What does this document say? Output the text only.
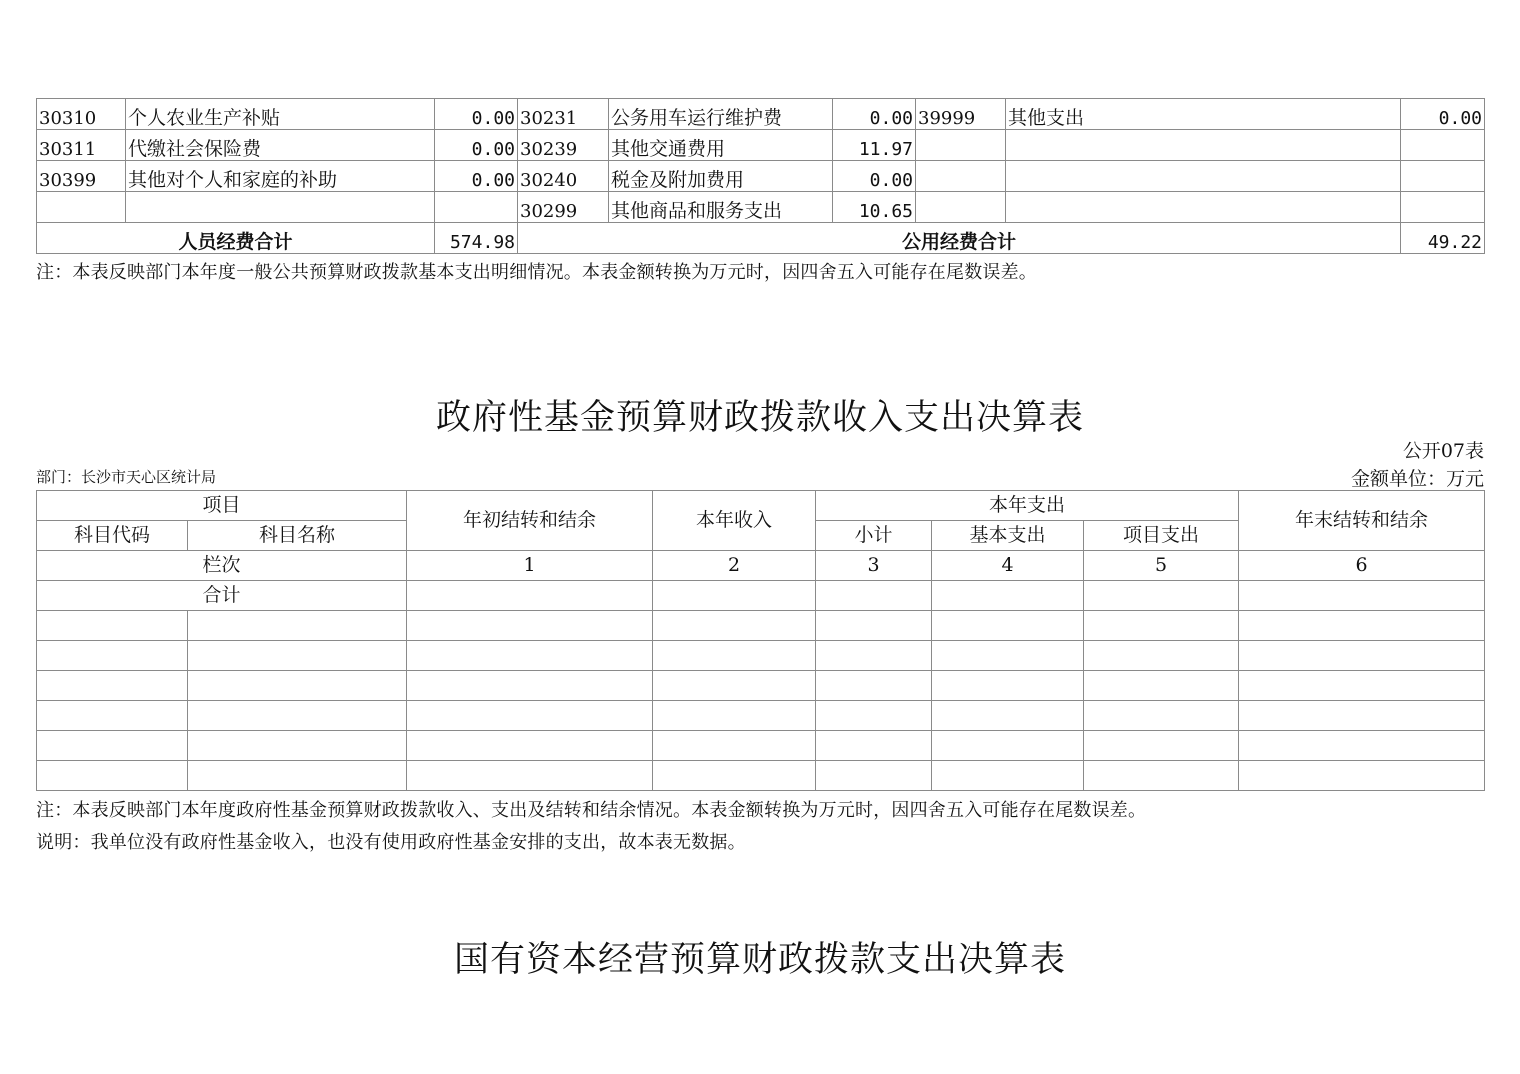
30310	个人农业生产补贴	0.00	30231	公务用车运行维护费	0.00	39999	其他支出	0.00
30311	代缴社会保险费	0.00	30239	其他交通费用	11.97			
30399	其他对个人和家庭的补助	0.00	30240	税金及附加费用	0.00			
			30299	其他商品和服务支出	10.65			
人员经费合计		574.98	公用经费合计					49.22
注：本表反映部门本年度一般公共预算财政拨款基本支出明细情况。本表金额转换为万元时，因四舍五入可能存在尾数误差。
政府性基金预算财政拨款收入支出决算表
公开07表
部门：长沙市天心区统计局	金额单位：万元
项目		年初结转和结余	本年收入	本年支出			年末结转和结余
科目代码	科目名称			小计	基本支出	项目支出	
栏次		1	2	3	4	5	6
合计							

注：本表反映部门本年度政府性基金预算财政拨款收入、支出及结转和结余情况。本表金额转换为万元时，因四舍五入可能存在尾数误差。
说明：我单位没有政府性基金收入，也没有使用政府性基金安排的支出，故本表无数据。
国有资本经营预算财政拨款支出决算表
